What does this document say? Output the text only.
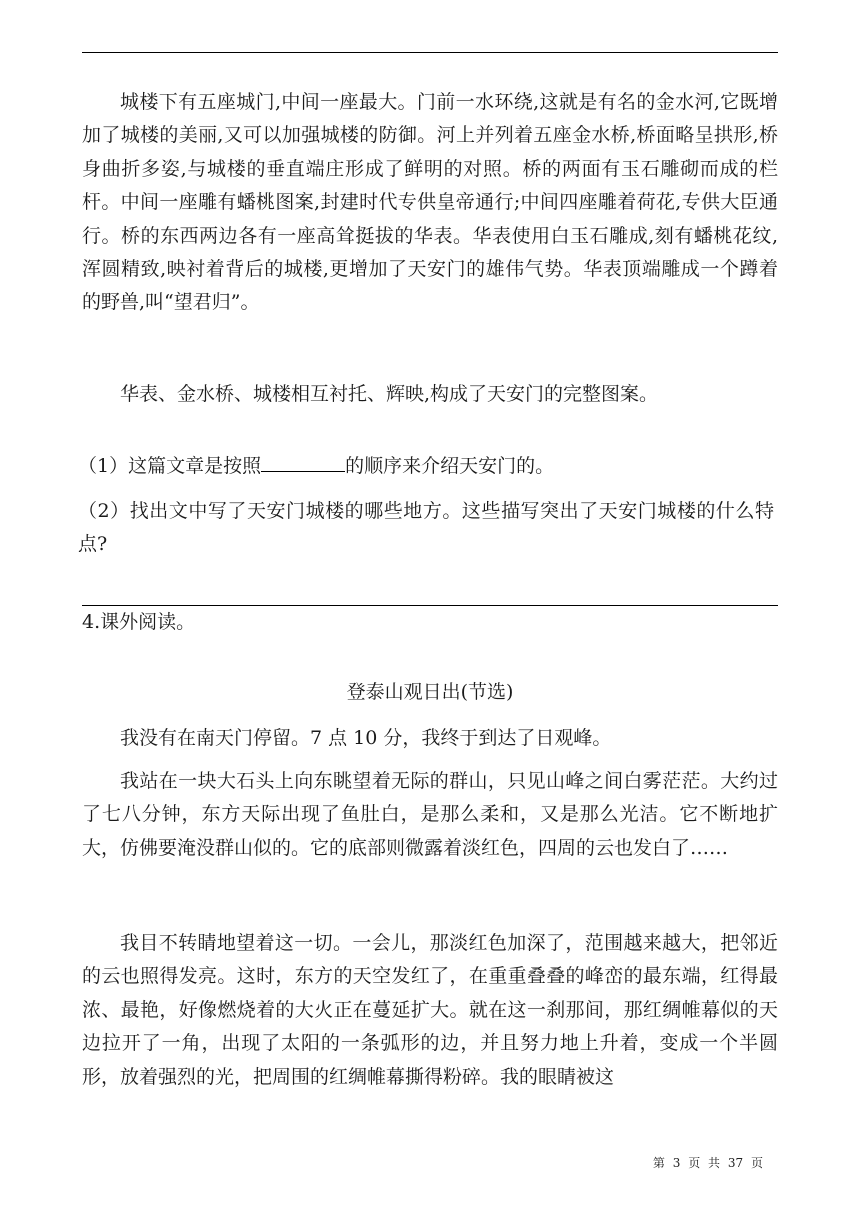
城楼下有五座城门,中间一座最大。门前一水环绕,这就是有名的金水河,它既增加了城楼的美丽,又可以加强城楼的防御。河上并列着五座金水桥,桥面略呈拱形,桥身曲折多姿,与城楼的垂直端庄形成了鲜明的对照。桥的两面有玉石雕砌而成的栏杆。中间一座雕有蟠桃图案,封建时代专供皇帝通行;中间四座雕着荷花,专供大臣通行。桥的东西两边各有一座高耸挺拔的华表。华表使用白玉石雕成,刻有蟠桃花纹,浑圆精致,映衬着背后的城楼,更增加了天安门的雄伟气势。华表顶端雕成一个蹲着的野兽,叫“望君归”。

华表、金水桥、城楼相互衬托、辉映,构成了天安门的完整图案。

（1）这篇文章是按照	的顺序来介绍天安门的。

（2）找出文中写了天安门城楼的哪些地方。这些描写突出了天安门城楼的什么特点?

4.课外阅读。

登泰山观日出(节选)

我没有在南天门停留。7 点 10 分，我终于到达了日观峰。

我站在一块大石头上向东眺望着无际的群山，只见山峰之间白雾茫茫。大约过了七八分钟，东方天际出现了鱼肚白，是那么柔和，又是那么光洁。它不断地扩大，仿佛要淹没群山似的。它的底部则微露着淡红色，四周的云也发白了……

我目不转睛地望着这一切。一会儿，那淡红色加深了，范围越来越大，把邻近的云也照得发亮。这时，东方的天空发红了，在重重叠叠的峰峦的最东端，红得最浓、最艳，好像燃烧着的大火正在蔓延扩大。就在这一刹那间，那红绸帷幕似的天边拉开了一角，出现了太阳的一条弧形的边，并且努力地上升着，变成一个半圆形，放着强烈的光，把周围的红绸帷幕撕得粉碎。我的眼睛被这

第 3 页 共 37 页
